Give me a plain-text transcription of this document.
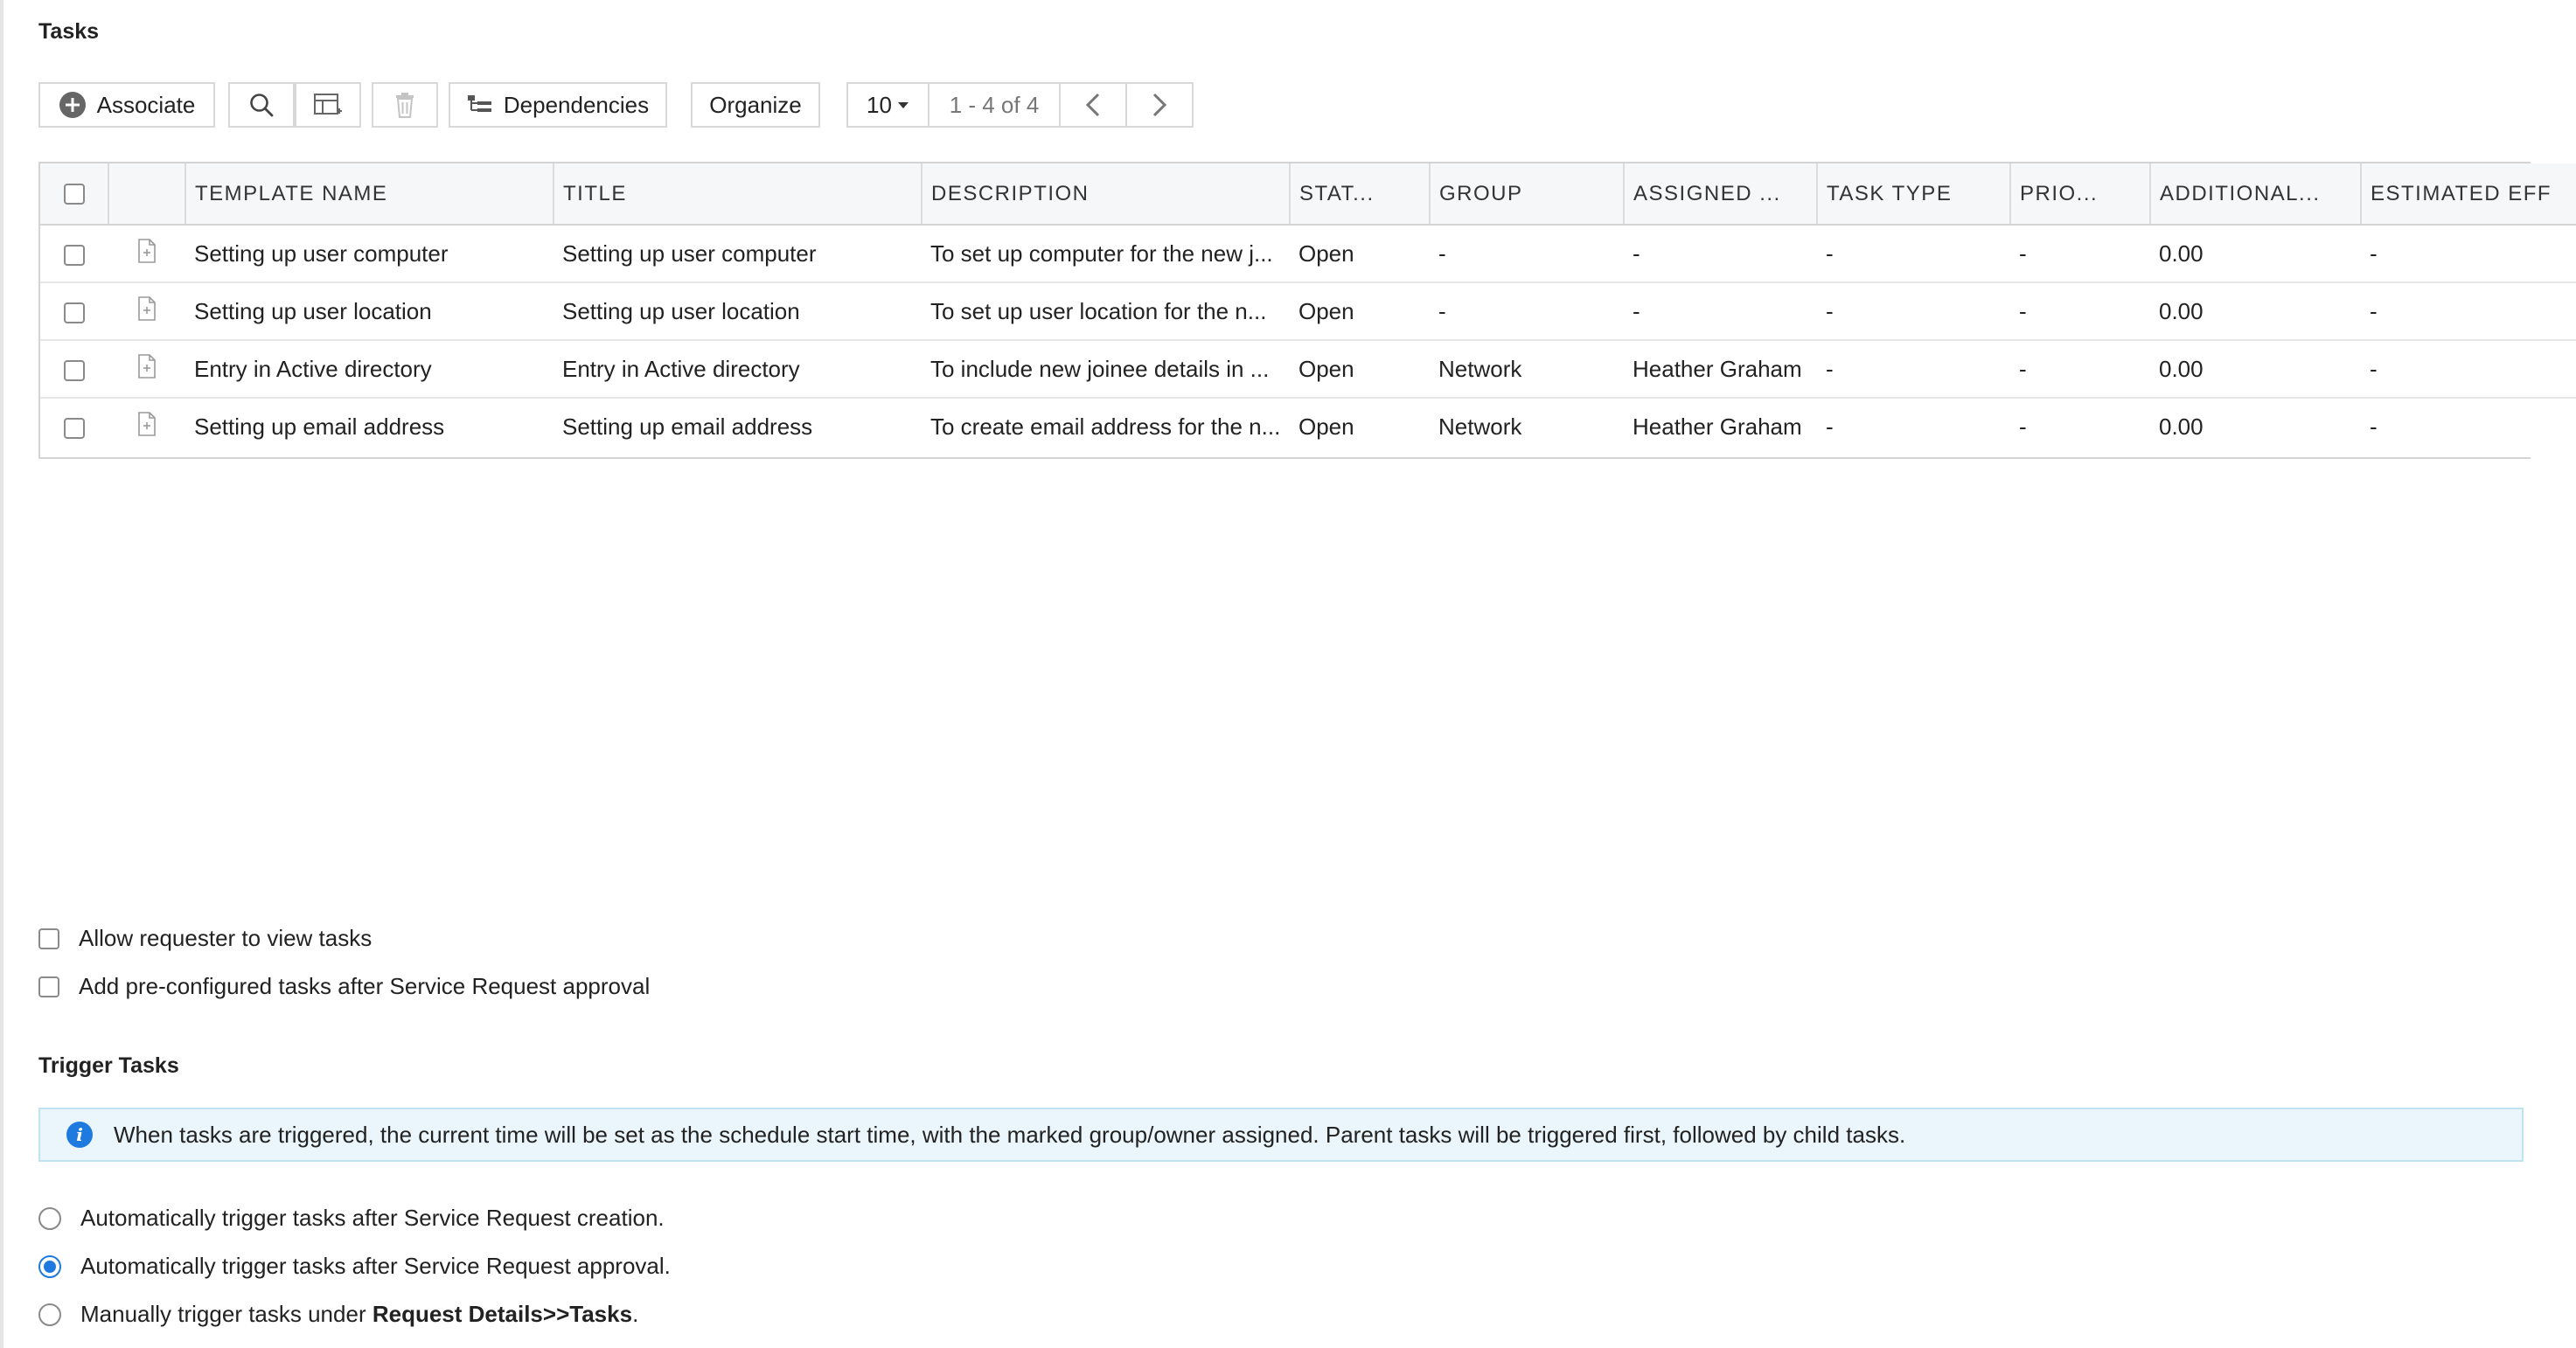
Tasks
Associate	Dependencies	Organize	10	1 - 4 of 4
		TEMPLATE NAME	TITLE	DESCRIPTION	STAT...	GROUP	ASSIGNED ...	TASK TYPE	PRIO...	ADDITIONAL...	ESTIMATED EFF
		Setting up user computer	Setting up user computer	To set up computer for the new j...	Open	-	-	-	-	0.00	-
		Setting up user location	Setting up user location	To set up user location for the n...	Open	-	-	-	-	0.00	-
		Entry in Active directory	Entry in Active directory	To include new joinee details in ...	Open	Network	Heather Graham	-	-	0.00	-
		Setting up email address	Setting up email address	To create email address for the n...	Open	Network	Heather Graham	-	-	0.00	-
Allow requester to view tasks
Add pre-configured tasks after Service Request approval
Trigger Tasks
i	When tasks are triggered, the current time will be set as the schedule start time, with the marked group/owner assigned. Parent tasks will be triggered first, followed by child tasks.
Automatically trigger tasks after Service Request creation.
Automatically trigger tasks after Service Request approval.
Manually trigger tasks under Request Details>>Tasks.
